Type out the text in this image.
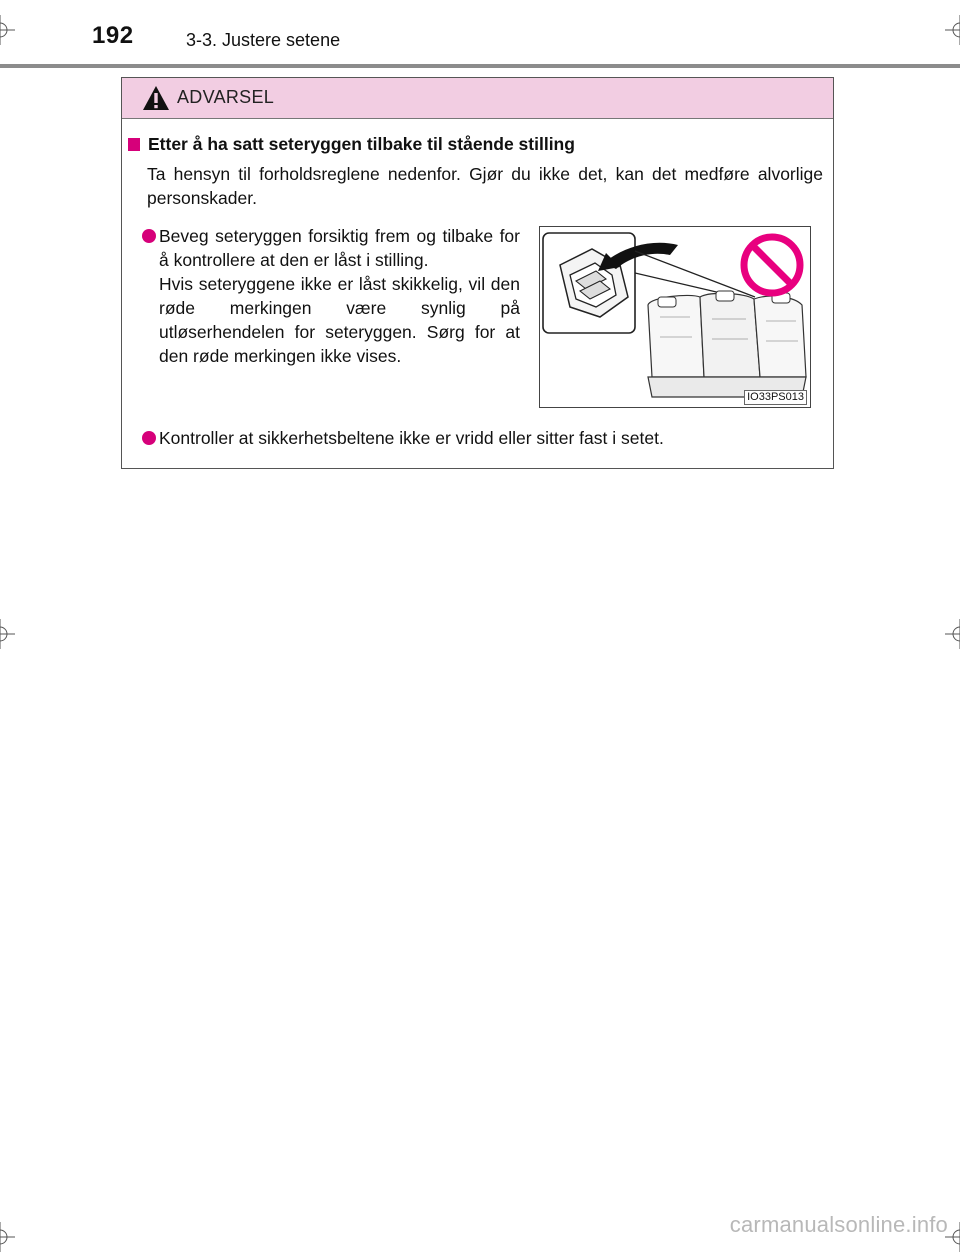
192	3-3. Justere setene
ADVARSEL
Etter å ha satt seteryggen tilbake til stående stilling
Ta hensyn til forholdsreglene nedenfor. Gjør du ikke det, kan det medføre alvorlige personskader.

Beveg seteryggen forsiktig frem og tilbake for å kontrollere at den er låst i stilling.

Hvis seteryggene ikke er låst skikkelig, vil den røde merkingen være synlig på utløserhendelen for seteryggen. Sørg for at den røde merkingen ikke vises.

IO33PS013
Kontroller at sikkerhetsbeltene ikke er vridd eller sitter fast i setet.
carmanualsonline.info
